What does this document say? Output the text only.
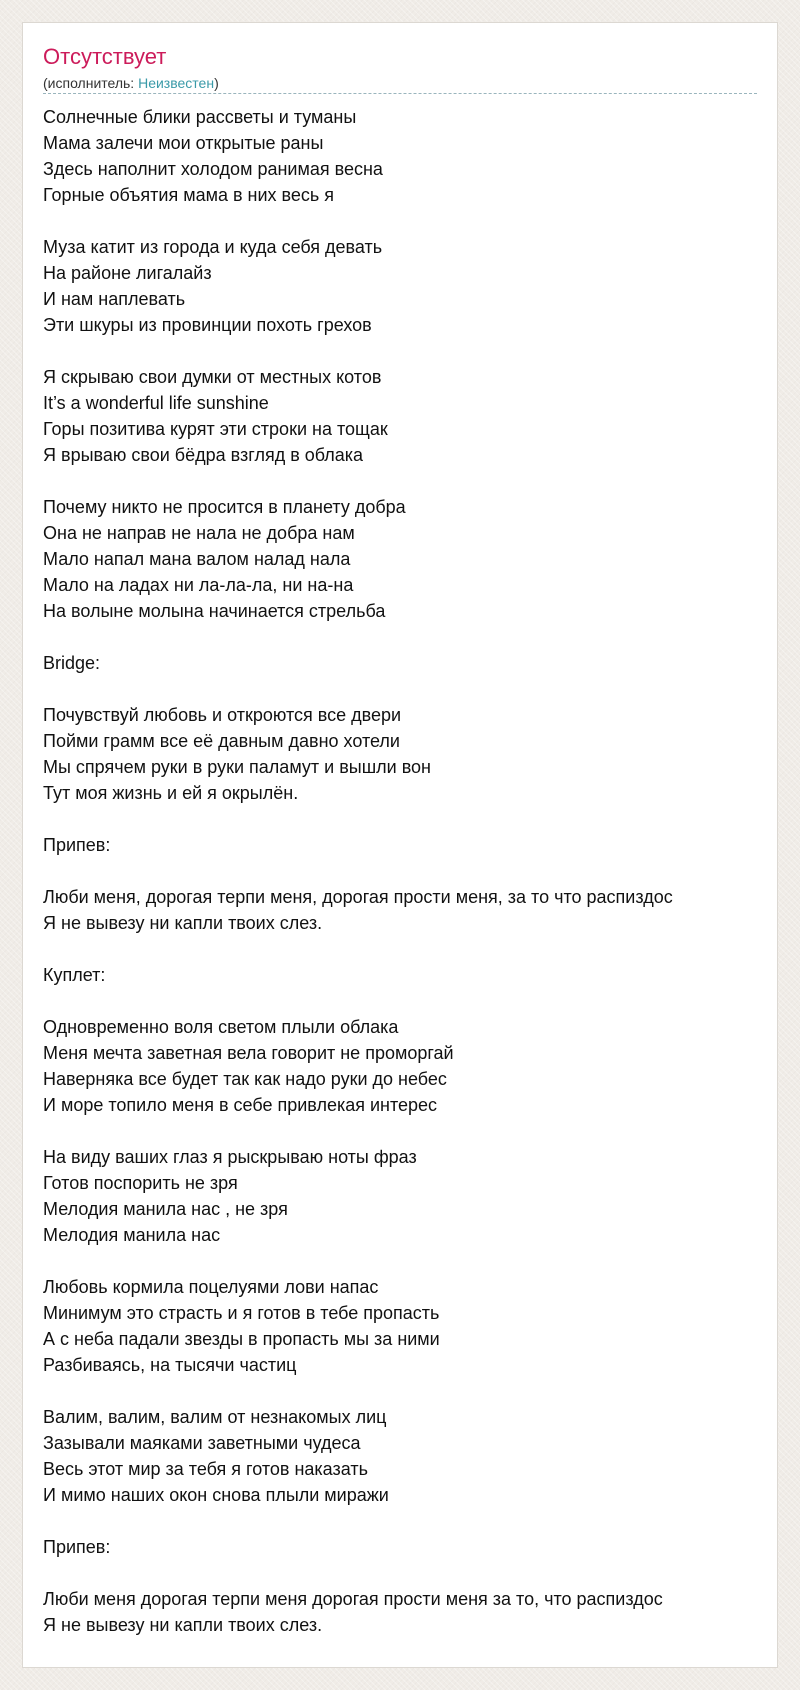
Отсутствует
(исполнитель: Неизвестен)
Солнечные блики рассветы и туманы
Мама залечи мои открытые раны
Здесь наполнит холодом ранимая весна
Горные объятия мама в них весь я
Муза катит из города и куда себя девать
На районе лигалайз
И нам наплевать
Эти шкуры из провинции похоть грехов
Я скрываю свои думки от местных котов
It’s a wonderful life sunshine
Горы позитива курят эти строки на тощак
Я врываю свои бёдра взгляд в облака
Почему никто не просится в планету добра
Она не направ не нала не добра нам
Мало напал мана валом налад нала
Мало на ладах ни ла-ла-ла, ни на-на
На волыне молына начинается стрельба
Bridge:
Почувствуй любовь и откроются все двери
Пойми грамм все её давным давно хотели
Мы спрячем руки в руки паламут и вышли вон
Тут моя жизнь и ей я окрылён.
Припев:
Люби меня, дорогая терпи меня, дорогая прости меня, за то что распиздос
Я не вывезу ни капли твоих слез.
Куплет:
Одновременно воля светом плыли облака
Меня мечта заветная вела говорит не проморгай
Наверняка все будет так как надо руки до небес
И море топило меня в себе привлекая интерес
На виду ваших глаз я рыскрываю ноты фраз
Готов поспорить не зря
Мелодия манила нас , не зря
Мелодия манила нас
Любовь кормила поцелуями лови напас
Минимум это страсть и я готов в тебе пропасть
А с неба падали звезды в пропасть мы за ними
Разбиваясь, на тысячи частиц
Валим, валим, валим от незнакомых лиц
Зазывали маяками заветными чудеса
Весь этот мир за тебя я готов наказать
И мимо наших окон снова плыли миражи
Припев:
Люби меня дорогая терпи меня дорогая прости меня за то, что распиздос
Я не вывезу ни капли твоих слез.
